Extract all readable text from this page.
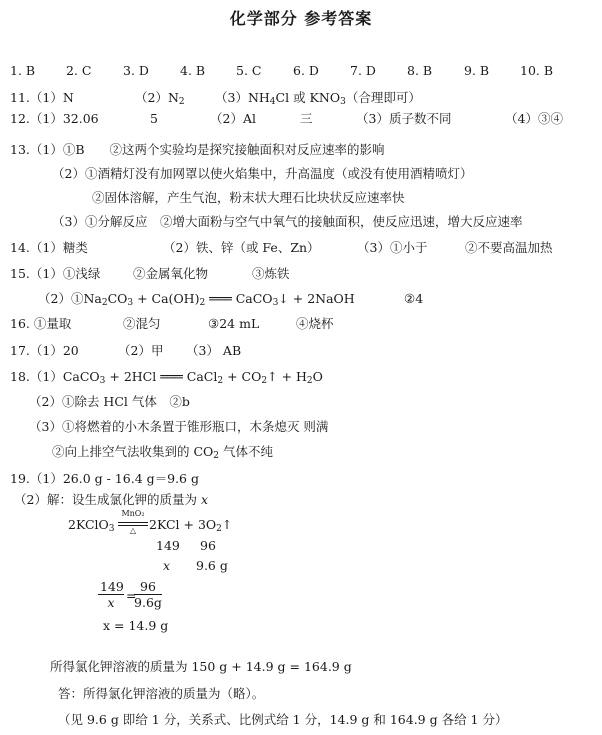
化学部分 参考答案
1. B 2. C	3. D 4. B 5. C	6. D 7. D 8. B	9. B 10. B
11.（1）N	$(2)N_2$ $(3)NH_4Cl$ 或 $KNO_3$（合理即可）
12.（1）32.06	5	（2）Al	三	（3）质子数不同	（4）③④
13.（1）①B　　②这两个实验均是探究接触面积对反应速率的影响
（2）①酒精灯没有加网罩以使火焰集中，升高温度（或没有使用酒精喷灯）
②固体溶解，产生气泡，粉末状大理石比块状反应速率快
（3）①分解反应　②增大面粉与空气中氧气的接触面积，使反应迅速，增大反应速率
14.（1）糖类	（2）铁、锌（或 Fe、Zn）	（3）①小于	②不要高温加热
15.（1）①浅绿	②金属氧化物	③炼铁
$(2)①Na_2CO_3 + Ca(OH)_2$ ═══ CaCO$_3$↓ + 2NaOH	②4
16. ①量取	②混匀	③24 mL	④烧杯
17.（1）20	（2）甲 （3） AB
18.（1）CaCO$_3$ + 2HCl ═══ CaCl$_2$ + $CO_2↑ + H_2O$
（2）①除去 HCl 气体　②b
（3）①将燃着的小木条置于锥形瓶口，木条熄灭 则满
②向上排空气法收集到的 $CO_2$ 气体不纯
19.（1）26.0 g - 16.4 g＝9.6 g
（2）解：设生成氯化钾的质量为 x
2KClO$_3$
MnO₂
△	$2KCl + 3O_2↑$
149 96
x 9.6 g
$\frac{149}{x}$ =
$\frac{96}{9.6g}$
x = 14.9 g
所得氯化钾溶液的质量为 150 g + 14.9 g = 164.9 g
答：所得氯化钾溶液的质量为（略）。
（见 9.6 g 即给 1 分，关系式、比例式给 1 分，14.9 g 和 164.9 g 各给 1 分）
